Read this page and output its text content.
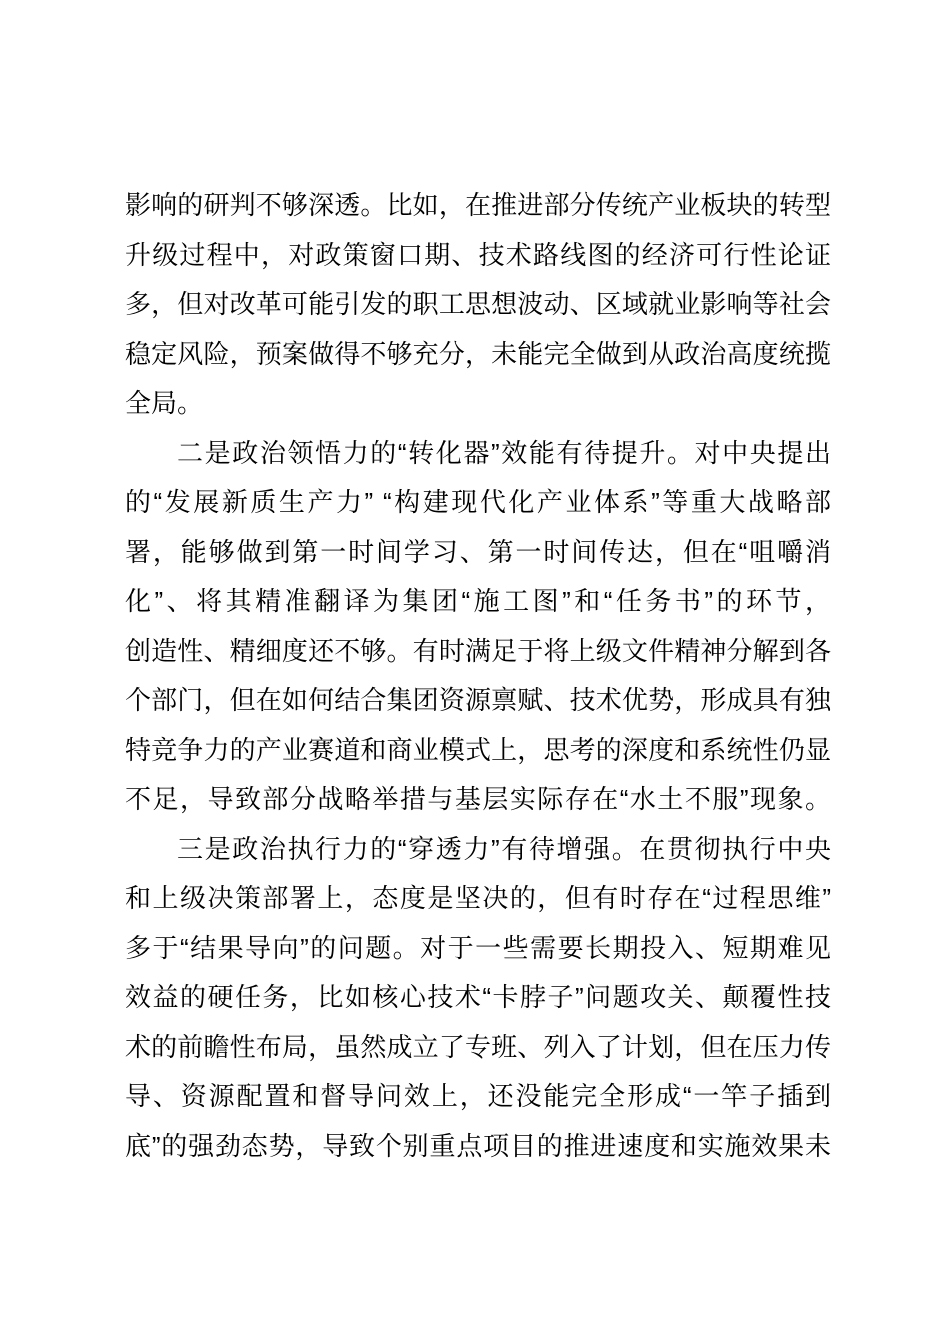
影响的研判不够深透。比如，在推进部分传统产业板块的转型
升级过程中，对政策窗口期、技术路线图的经济可行性论证
多，但对改革可能引发的职工思想波动、区域就业影响等社会
稳定风险，预案做得不够充分，未能完全做到从政治高度统揽
全局。
二是政治领悟力的“转化器”效能有待提升。对中央提出
的“发展新质生产力” “构建现代化产业体系”等重大战略部
署，能够做到第一时间学习、第一时间传达，但在“咀嚼消
化”、将其精准翻译为集团“施工图”和“任务书”的环节，
创造性、精细度还不够。有时满足于将上级文件精神分解到各
个部门，但在如何结合集团资源禀赋、技术优势，形成具有独
特竞争力的产业赛道和商业模式上，思考的深度和系统性仍显
不足，导致部分战略举措与基层实际存在“水土不服”现象。
三是政治执行力的“穿透力”有待增强。在贯彻执行中央
和上级决策部署上，态度是坚决的，但有时存在“过程思维”
多于“结果导向”的问题。对于一些需要长期投入、短期难见
效益的硬任务，比如核心技术“卡脖子”问题攻关、颠覆性技
术的前瞻性布局，虽然成立了专班、列入了计划，但在压力传
导、资源配置和督导问效上，还没能完全形成“一竿子插到
底”的强劲态势，导致个别重点项目的推进速度和实施效果未
